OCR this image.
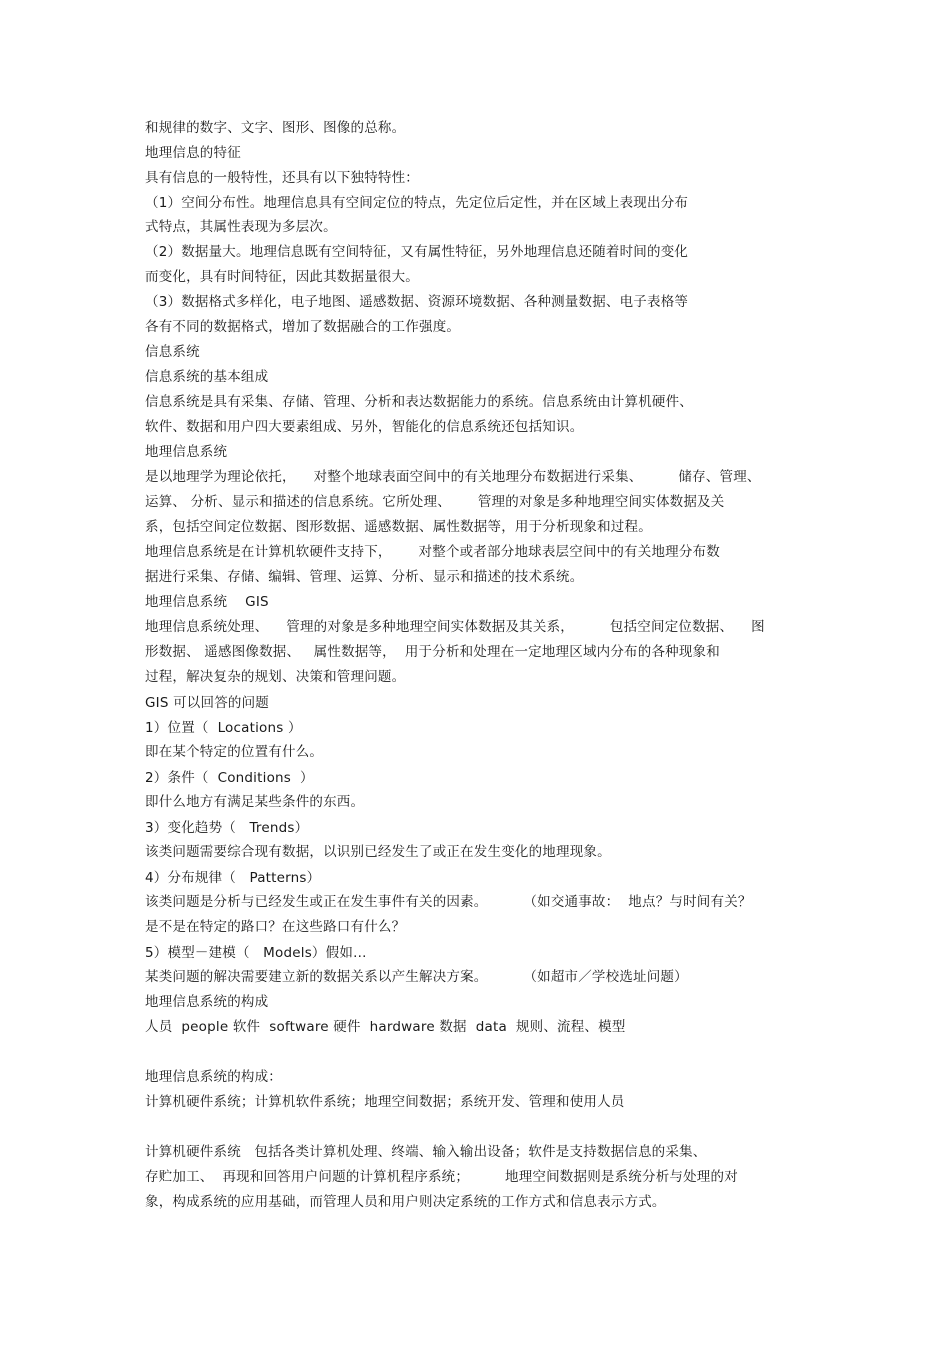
和规律的数字、文字、图形、图像的总称。
地理信息的特征
具有信息的一般特性，还具有以下独特特性：
（1）空间分布性。地理信息具有空间定位的特点，先定位后定性，并在区域上表现出分布
式特点，其属性表现为多层次。
（2）数据量大。地理信息既有空间特征，又有属性特征，另外地理信息还随着时间的变化
而变化，具有时间特征，因此其数据量很大。
（3）数据格式多样化，电子地图、遥感数据、资源环境数据、各种测量数据、电子表格等
各有不同的数据格式，增加了数据融合的工作强度。
信息系统
信息系统的基本组成
信息系统是具有采集、存储、管理、分析和表达数据能力的系统。信息系统由计算机硬件、
软件、数据和用户四大要素组成、另外，智能化的信息系统还包括知识。
地理信息系统
是以地理学为理论依托，    对整个地球表面空间中的有关地理分布数据进行采集、        储存、管理、
运算、 分析、显示和描述的信息系统。它所处理、      管理的对象是多种地理空间实体数据及关
系，包括空间定位数据、图形数据、遥感数据、属性数据等，用于分析现象和过程。
地理信息系统是在计算机软硬件支持下，      对整个或者部分地球表层空间中的有关地理分布数
据进行采集、存储、编辑、管理、运算、分析、显示和描述的技术系统。
地理信息系统    GIS
地理信息系统处理、    管理的对象是多种地理空间实体数据及其关系，        包括空间定位数据、    图
形数据、 遥感图像数据、   属性数据等，  用于分析和处理在一定地理区域内分布的各种现象和
过程，解决复杂的规划、决策和管理问题。
GIS 可以回答的问题
1）位置（  Locations ）
即在某个特定的位置有什么。
2）条件（  Conditions  ）
即什么地方有满足某些条件的东西。
3）变化趋势（   Trends）
该类问题需要综合现有数据，以识别已经发生了或正在发生变化的地理现象。
4）分布规律（   Patterns）
该类问题是分析与已经发生或正在发生事件有关的因素。        （如交通事故：  地点？与时间有关？
是不是在特定的路口？在这些路口有什么？
5）模型－建模（   Models）假如…
某类问题的解决需要建立新的数据关系以产生解决方案。        （如超市／学校选址问题）
地理信息系统的构成
人员  people 软件  software 硬件  hardware 数据  data  规则、流程、模型
地理信息系统的构成：
计算机硬件系统；计算机软件系统；地理空间数据；系统开发、管理和使用人员
计算机硬件系统   包括各类计算机处理、终端、输入输出设备；软件是支持数据信息的采集、
存贮加工、  再现和回答用户问题的计算机程序系统；        地理空间数据则是系统分析与处理的对
象，构成系统的应用基础，而管理人员和用户则决定系统的工作方式和信息表示方式。
